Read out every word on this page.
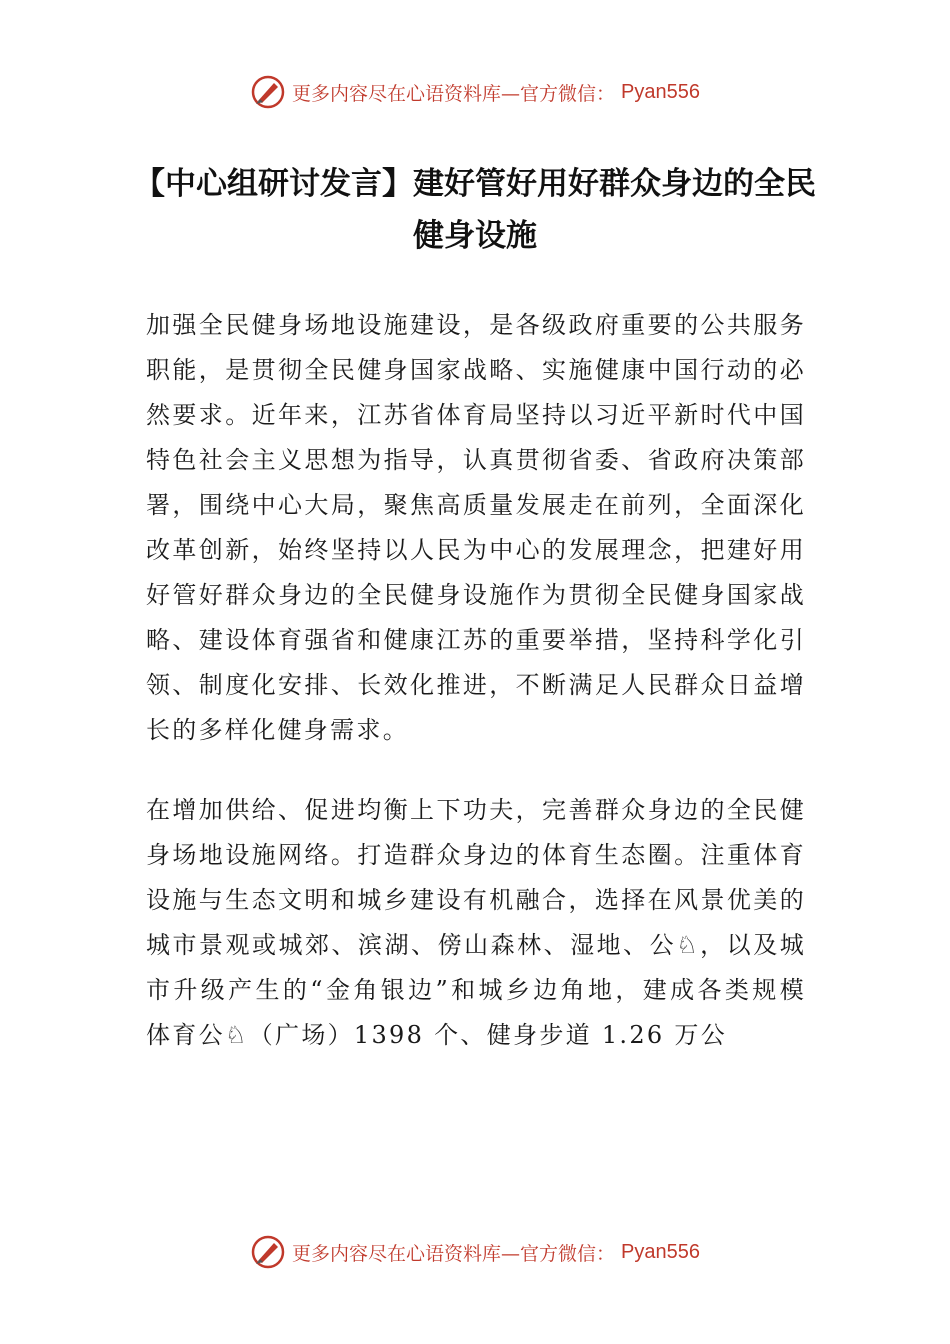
更多内容尽在心语资料库—官方微信： Pyan556
【中心组研讨发言】建好管好用好群众身边的全民健身设施

加强全民健身场地设施建设，是各级政府重要的公共服务职能，是贯彻全民健身国家战略、实施健康中国行动的必然要求。近年来，江苏省体育局坚持以习近平新时代中国特色社会主义思想为指导，认真贯彻省委、省政府决策部署，围绕中心大局，聚焦高质量发展走在前列，全面深化改革创新，始终坚持以人民为中心的发展理念，把建好用好管好群众身边的全民健身设施作为贯彻全民健身国家战略、建设体育强省和健康江苏的重要举措，坚持科学化引领、制度化安排、长效化推进，不断满足人民群众日益增长的多样化健身需求。

在增加供给、促进均衡上下功夫，完善群众身边的全民健身场地设施网络。打造群众身边的体育生态圈。注重体育设施与生态文明和城乡建设有机融合，选择在风景优美的城市景观或城郊、滨湖、傍山森林、湿地、公♘，以及城市升级产生的“金角银边”和城乡边角地，建成各类规模体育公♘（广场）1398 个、健身步道 1.26 万公

更多内容尽在心语资料库—官方微信： Pyan556
